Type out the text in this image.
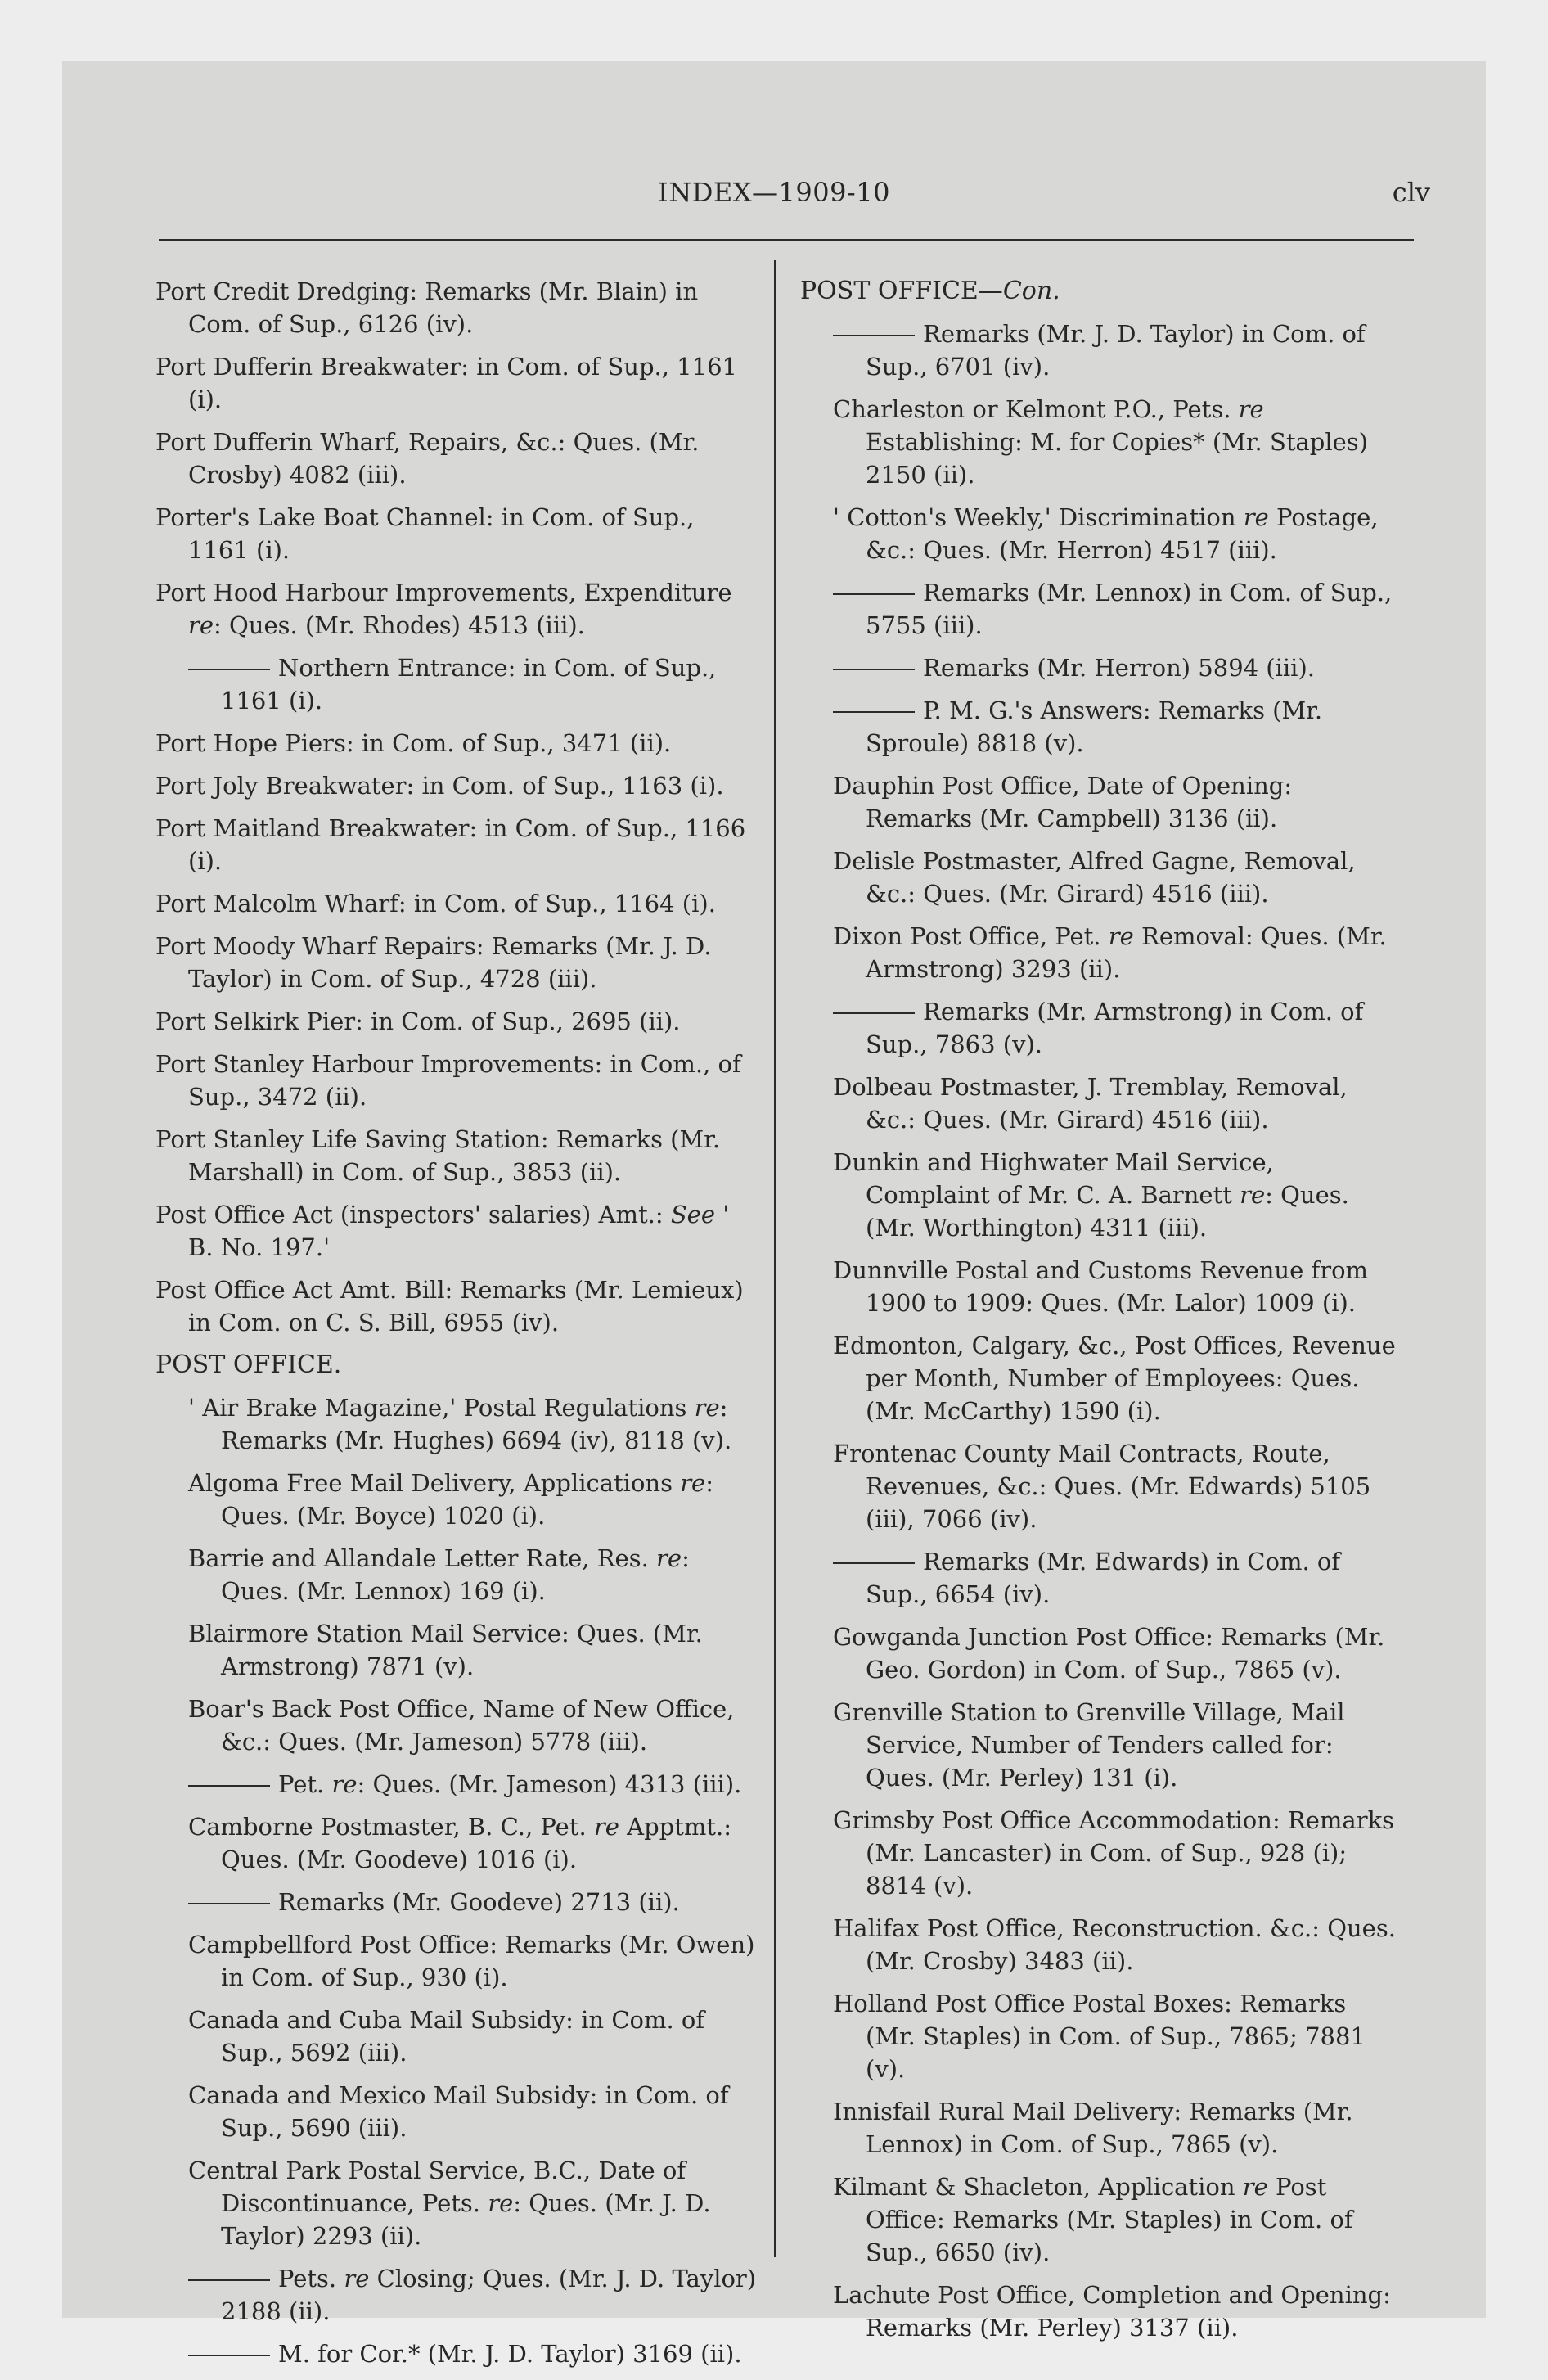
INDEX—1909-10	clv
Port Credit Dredging: Remarks (Mr. Blain) in Com. of Sup., 6126 (iv).
Port Dufferin Breakwater: in Com. of Sup., 1161 (i).
Port Dufferin Wharf, Repairs, &c.: Ques. (Mr. Crosby) 4082 (iii).
Porter's Lake Boat Channel: in Com. of Sup., 1161 (i).
Port Hood Harbour Improvements, Expenditure re: Ques. (Mr. Rhodes) 4513 (iii).
Northern Entrance: in Com. of Sup., 1161 (i).
Port Hope Piers: in Com. of Sup., 3471 (ii).
Port Joly Breakwater: in Com. of Sup., 1163 (i).
Port Maitland Breakwater: in Com. of Sup., 1166 (i).
Port Malcolm Wharf: in Com. of Sup., 1164 (i).
Port Moody Wharf Repairs: Remarks (Mr. J. D. Taylor) in Com. of Sup., 4728 (iii).
Port Selkirk Pier: in Com. of Sup., 2695 (ii).
Port Stanley Harbour Improvements: in Com., of Sup., 3472 (ii).
Port Stanley Life Saving Station: Remarks (Mr. Marshall) in Com. of Sup., 3853 (ii).
Post Office Act (inspectors' salaries) Amt.: See ' B. No. 197.'
Post Office Act Amt. Bill: Remarks (Mr. Lemieux) in Com. on C. S. Bill, 6955 (iv).
POST OFFICE.
' Air Brake Magazine,' Postal Regulations re: Remarks (Mr. Hughes) 6694 (iv), 8118 (v).
Algoma Free Mail Delivery, Applications re: Ques. (Mr. Boyce) 1020 (i).
Barrie and Allandale Letter Rate, Res. re: Ques. (Mr. Lennox) 169 (i).
Blairmore Station Mail Service: Ques. (Mr. Armstrong) 7871 (v).
Boar's Back Post Office, Name of New Office, &c.: Ques. (Mr. Jameson) 5778 (iii).
Pet. re: Ques. (Mr. Jameson) 4313 (iii).
Camborne Postmaster, B. C., Pet. re Apptmt.: Ques. (Mr. Goodeve) 1016 (i).
Remarks (Mr. Goodeve) 2713 (ii).
Campbellford Post Office: Remarks (Mr. Owen) in Com. of Sup., 930 (i).
Canada and Cuba Mail Subsidy: in Com. of Sup., 5692 (iii).
Canada and Mexico Mail Subsidy: in Com. of Sup., 5690 (iii).
Central Park Postal Service, B.C., Date of Discontinuance, Pets. re: Ques. (Mr. J. D. Taylor) 2293 (ii).
Pets. re Closing; Ques. (Mr. J. D. Taylor) 2188 (ii).
M. for Cor.* (Mr. J. D. Taylor) 3169 (ii).
POST OFFICE—Con.
Remarks (Mr. J. D. Taylor) in Com. of Sup., 6701 (iv).
Charleston or Kelmont P.O., Pets. re Establishing: M. for Copies* (Mr. Staples) 2150 (ii).
' Cotton's Weekly,' Discrimination re Postage, &c.: Ques. (Mr. Herron) 4517 (iii).
Remarks (Mr. Lennox) in Com. of Sup., 5755 (iii).
Remarks (Mr. Herron) 5894 (iii).
P. M. G.'s Answers: Remarks (Mr. Sproule) 8818 (v).
Dauphin Post Office, Date of Opening: Remarks (Mr. Campbell) 3136 (ii).
Delisle Postmaster, Alfred Gagne, Removal, &c.: Ques. (Mr. Girard) 4516 (iii).
Dixon Post Office, Pet. re Removal: Ques. (Mr. Armstrong) 3293 (ii).
Remarks (Mr. Armstrong) in Com. of Sup., 7863 (v).
Dolbeau Postmaster, J. Tremblay, Removal, &c.: Ques. (Mr. Girard) 4516 (iii).
Dunkin and Highwater Mail Service, Complaint of Mr. C. A. Barnett re: Ques. (Mr. Worthington) 4311 (iii).
Dunnville Postal and Customs Revenue from 1900 to 1909: Ques. (Mr. Lalor) 1009 (i).
Edmonton, Calgary, &c., Post Offices, Revenue per Month, Number of Employees: Ques. (Mr. McCarthy) 1590 (i).
Frontenac County Mail Contracts, Route, Revenues, &c.: Ques. (Mr. Edwards) 5105 (iii), 7066 (iv).
Remarks (Mr. Edwards) in Com. of Sup., 6654 (iv).
Gowganda Junction Post Office: Remarks (Mr. Geo. Gordon) in Com. of Sup., 7865 (v).
Grenville Station to Grenville Village, Mail Service, Number of Tenders called for: Ques. (Mr. Perley) 131 (i).
Grimsby Post Office Accommodation: Remarks (Mr. Lancaster) in Com. of Sup., 928 (i); 8814 (v).
Halifax Post Office, Reconstruction. &c.: Ques. (Mr. Crosby) 3483 (ii).
Holland Post Office Postal Boxes: Remarks (Mr. Staples) in Com. of Sup., 7865; 7881 (v).
Innisfail Rural Mail Delivery: Remarks (Mr. Lennox) in Com. of Sup., 7865 (v).
Kilmant & Shacleton, Application re Post Office: Remarks (Mr. Staples) in Com. of Sup., 6650 (iv).
Lachute Post Office, Completion and Opening: Remarks (Mr. Perley) 3137 (ii).
